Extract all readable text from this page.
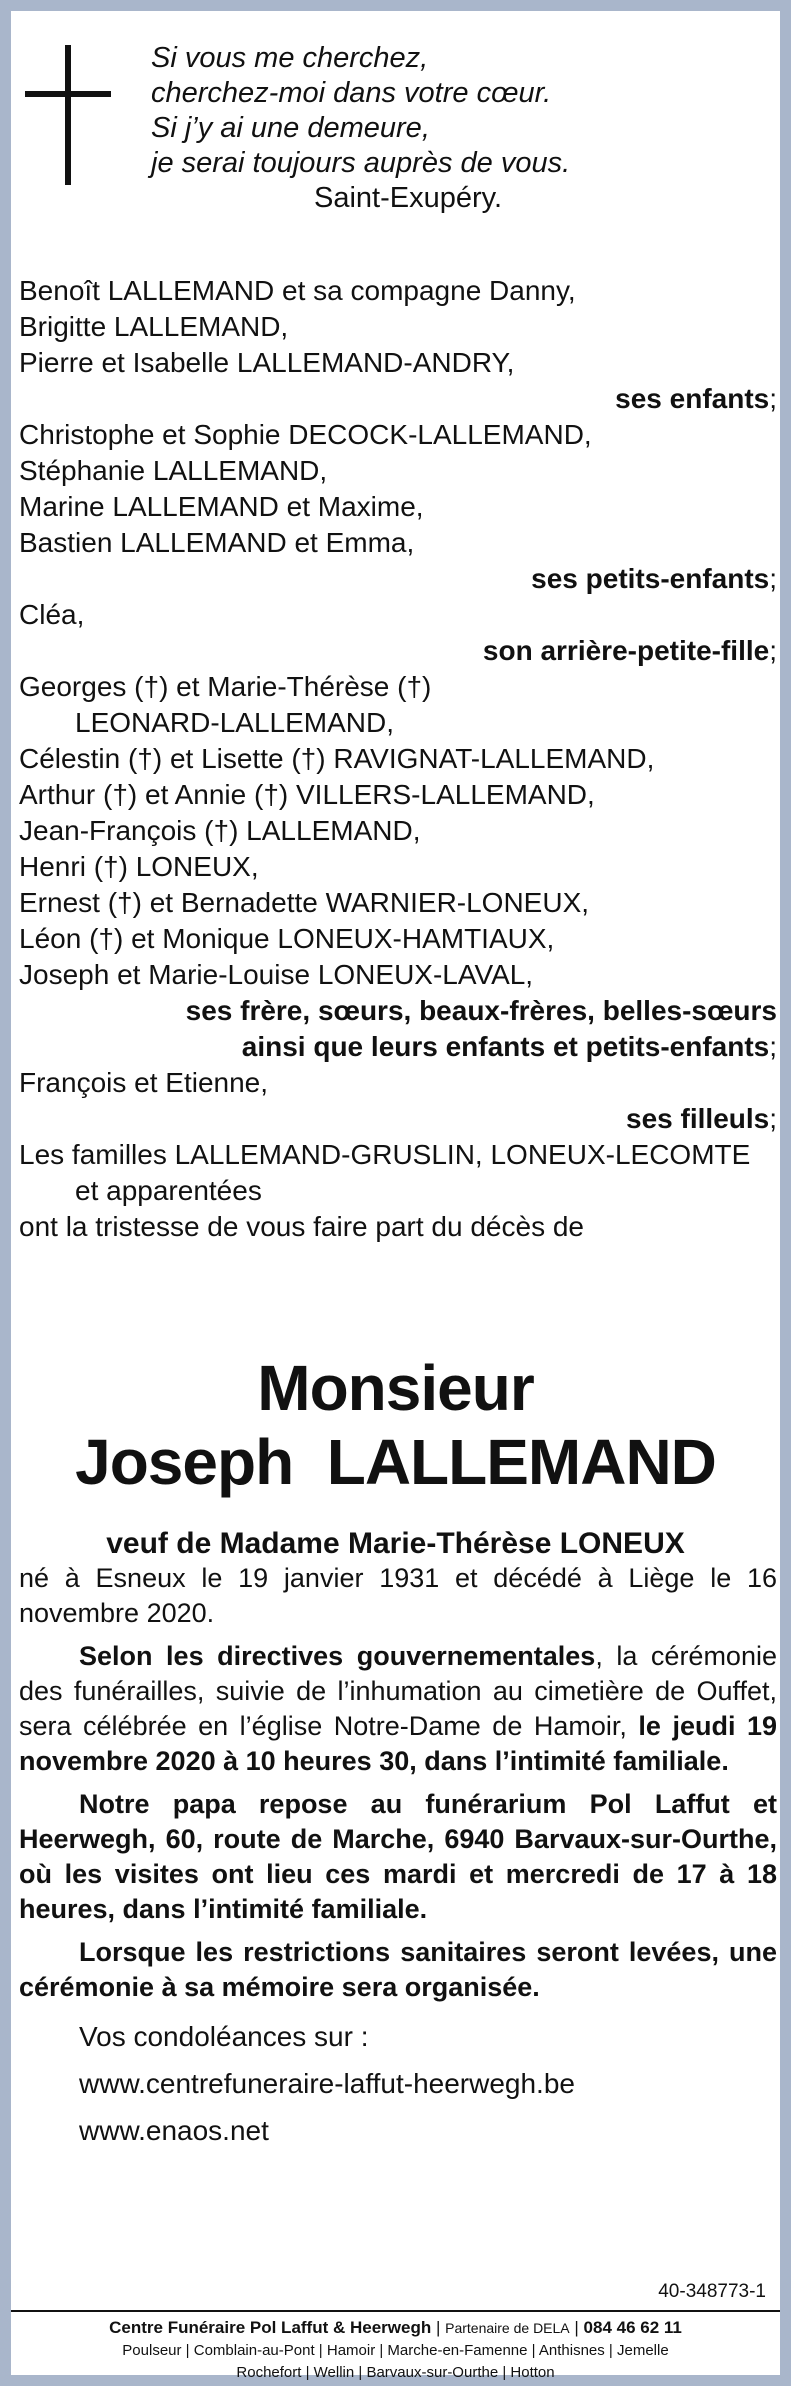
Si vous me cherchez,
cherchez-moi dans votre cœur.
Si j’y ai une demeure,
je serai toujours auprès de vous.
Saint-Exupéry.
Benoît LALLEMAND et sa compagne Danny,
Brigitte LALLEMAND,
Pierre et Isabelle LALLEMAND-ANDRY,
ses enfants;
Christophe et Sophie DECOCK-LALLEMAND,
Stéphanie LALLEMAND,
Marine LALLEMAND et Maxime,
Bastien LALLEMAND et Emma,
ses petits-enfants;
Cléa,
son arrière-petite-fille;
Georges (†) et Marie-Thérèse (†)
LEONARD-LALLEMAND,
Célestin (†) et Lisette (†) RAVIGNAT-LALLEMAND,
Arthur (†) et Annie (†) VILLERS-LALLEMAND,
Jean-François (†) LALLEMAND,
Henri (†) LONEUX,
Ernest (†) et Bernadette WARNIER-LONEUX,
Léon (†) et Monique LONEUX-HAMTIAUX,
Joseph et Marie-Louise LONEUX-LAVAL,
ses frère, sœurs, beaux-frères, belles-sœurs
ainsi que leurs enfants et petits-enfants;
François et Etienne,
ses filleuls;
Les familles LALLEMAND-GRUSLIN, LONEUX-LECOMTE
et apparentées
ont la tristesse de vous faire part du décès de
Monsieur
Joseph  LALLEMAND
veuf de Madame Marie-Thérèse LONEUX

né à Esneux le 19 janvier 1931 et décédé à Liège le 16 novembre 2020.

Selon les directives gouvernementales, la cérémonie des funérailles, suivie de l’inhumation au cimetière de Ouffet, sera célébrée en l’église Notre-Dame de Hamoir, le jeudi 19 novembre 2020 à 10 heures 30, dans l’intimité familiale.

Notre papa repose au funérarium Pol Laffut et Heerwegh, 60, route de Marche, 6940 Barvaux-sur-Ourthe, où les visites ont lieu ces mardi et mercredi de 17 à 18 heures, dans l’intimité familiale.

Lorsque les restrictions sanitaires seront levées, une cérémonie à sa mémoire sera organisée.

Vos condoléances sur :
www.centrefuneraire-laffut-heerwegh.be
www.enaos.net
40-348773-1
Centre Funéraire Pol Laffut & Heerwegh | Partenaire de DELA | 084 46 62 11
Poulseur | Comblain-au-Pont | Hamoir | Marche-en-Famenne | Anthisnes | Jemelle
Rochefort | Wellin | Barvaux-sur-Ourthe | Hotton
